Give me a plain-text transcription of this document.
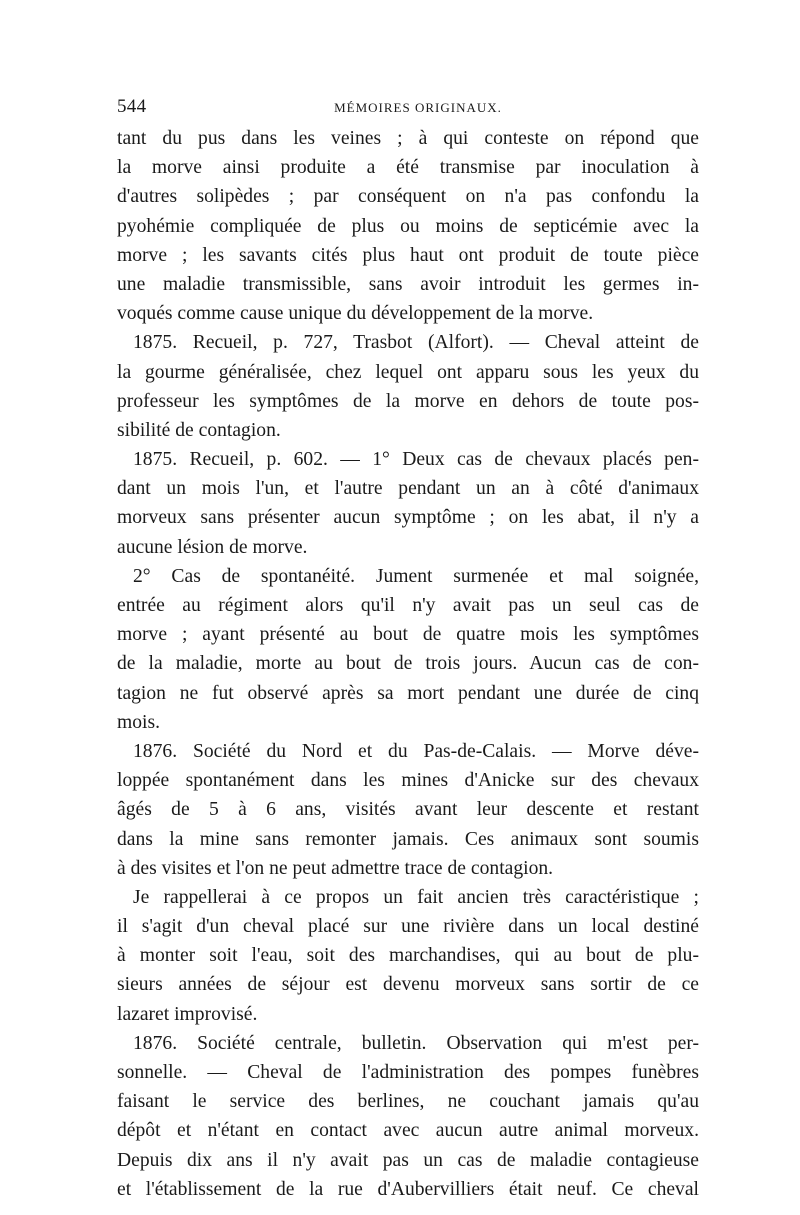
544	MÉMOIRES ORIGINAUX.
tant du pus dans les veines ; à qui conteste on répond que
la morve ainsi produite a été transmise par inoculation à
d'autres solipèdes ; par conséquent on n'a pas confondu la
pyohémie compliquée de plus ou moins de septicémie avec la
morve ; les savants cités plus haut ont produit de toute pièce
une maladie transmissible, sans avoir introduit les germes in-
voqués comme cause unique du développement de la morve.
1875. Recueil, p. 727, Trasbot (Alfort). — Cheval atteint de
la gourme généralisée, chez lequel ont apparu sous les yeux du
professeur les symptômes de la morve en dehors de toute pos-
sibilité de contagion.
1875. Recueil, p. 602. — 1° Deux cas de chevaux placés pen-
dant un mois l'un, et l'autre pendant un an à côté d'animaux
morveux sans présenter aucun symptôme ; on les abat, il n'y a
aucune lésion de morve.
2° Cas de spontanéité. Jument surmenée et mal soignée,
entrée au régiment alors qu'il n'y avait pas un seul cas de
morve ; ayant présenté au bout de quatre mois les symptômes
de la maladie, morte au bout de trois jours. Aucun cas de con-
tagion ne fut observé après sa mort pendant une durée de cinq
mois.
1876. Société du Nord et du Pas-de-Calais. — Morve déve-
loppée spontanément dans les mines d'Anicke sur des chevaux
âgés de 5 à 6 ans, visités avant leur descente et restant
dans la mine sans remonter jamais. Ces animaux sont soumis
à des visites et l'on ne peut admettre trace de contagion.
Je rappellerai à ce propos un fait ancien très caractéristique ;
il s'agit d'un cheval placé sur une rivière dans un local destiné
à monter soit l'eau, soit des marchandises, qui au bout de plu-
sieurs années de séjour est devenu morveux sans sortir de ce
lazaret improvisé.
1876. Société centrale, bulletin. Observation qui m'est per-
sonnelle. — Cheval de l'administration des pompes funèbres
faisant le service des berlines, ne couchant jamais qu'au
dépôt et n'étant en contact avec aucun autre animal morveux.
Depuis dix ans il n'y avait pas un cas de maladie contagieuse
et l'établissement de la rue d'Aubervilliers était neuf. Ce cheval
